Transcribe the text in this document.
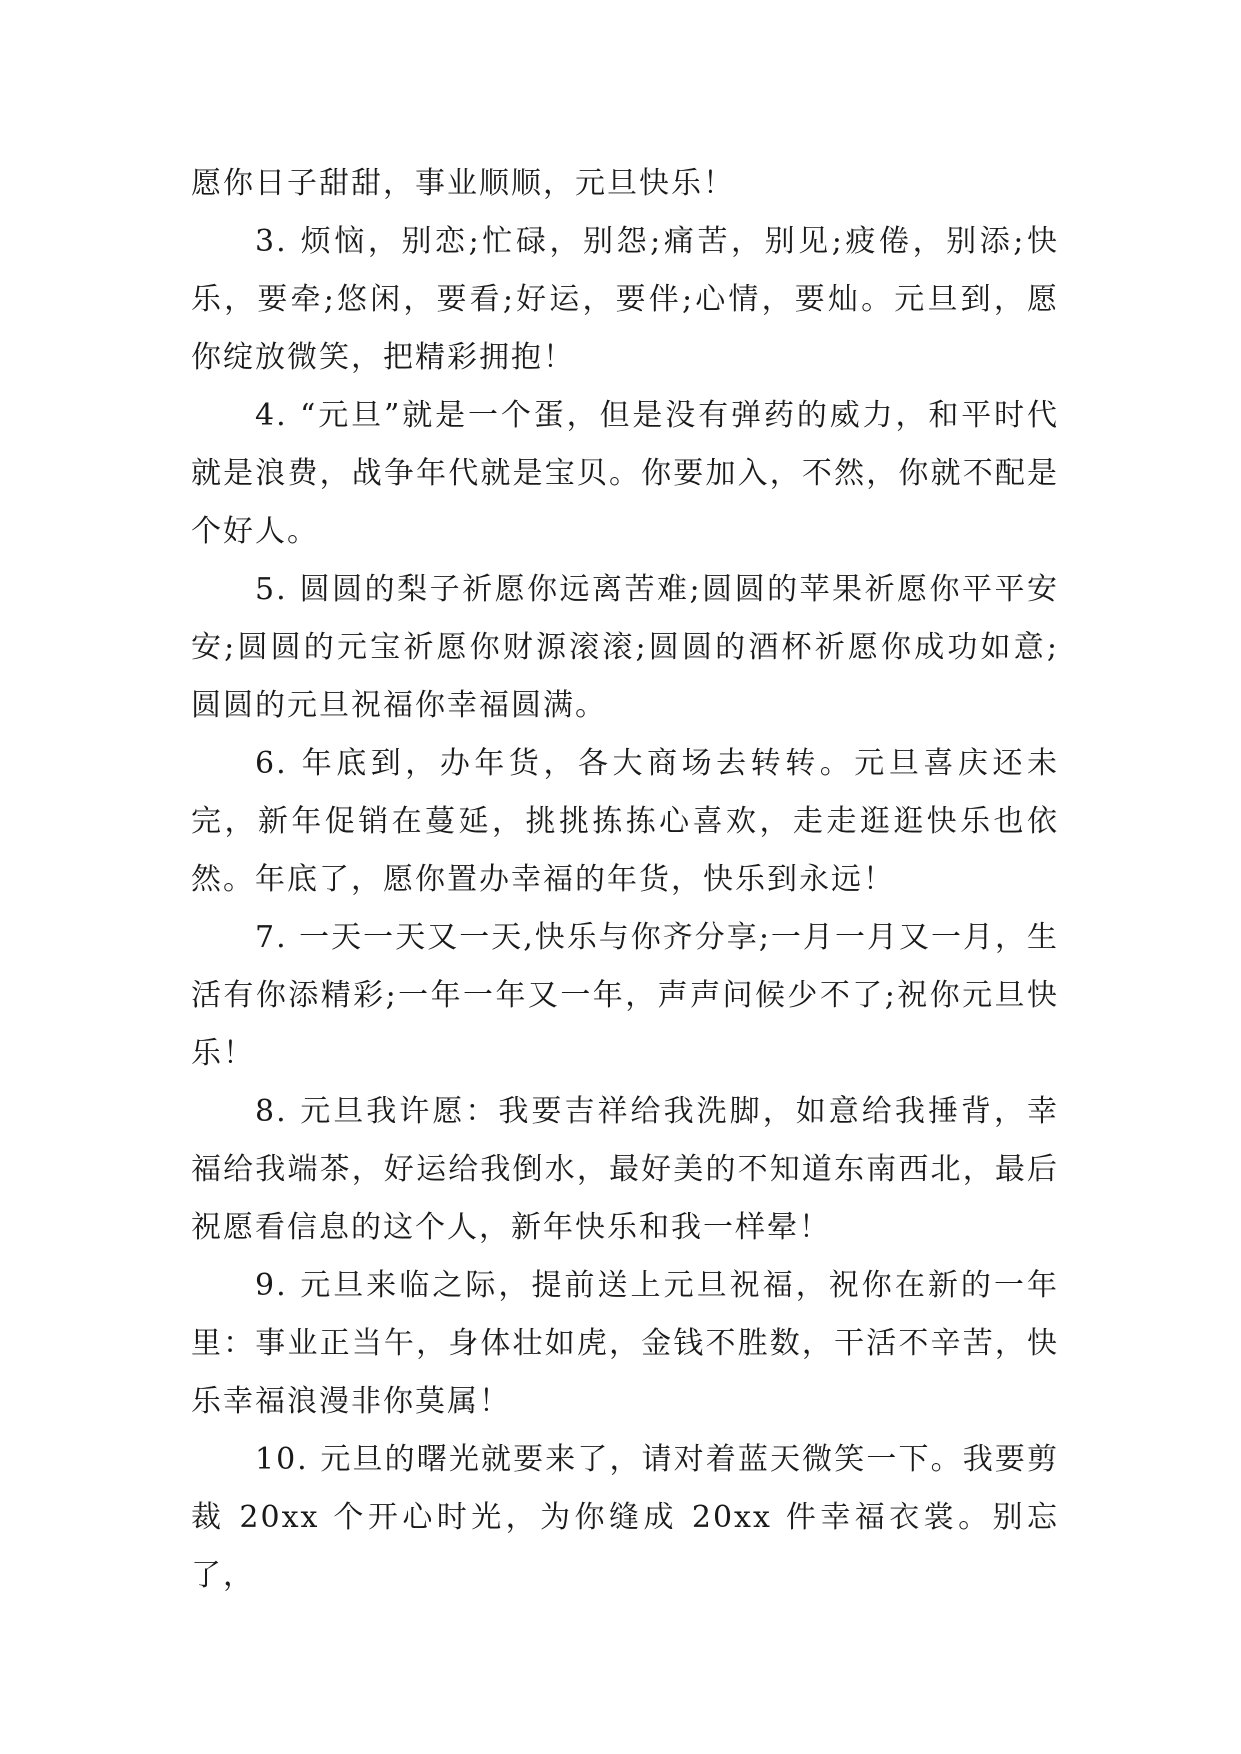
愿你日子甜甜，事业顺顺，元旦快乐！

3. 烦恼，别恋;忙碌，别怨;痛苦，别见;疲倦，别添;快乐，要牵;悠闲，要看;好运，要伴;心情，要灿。元旦到，愿你绽放微笑，把精彩拥抱！

4. “元旦”就是一个蛋，但是没有弹药的威力，和平时代就是浪费，战争年代就是宝贝。你要加入，不然，你就不配是个好人。

5. 圆圆的梨子祈愿你远离苦难;圆圆的苹果祈愿你平平安安;圆圆的元宝祈愿你财源滚滚;圆圆的酒杯祈愿你成功如意;圆圆的元旦祝福你幸福圆满。

6. 年底到，办年货，各大商场去转转。元旦喜庆还未完，新年促销在蔓延，挑挑拣拣心喜欢，走走逛逛快乐也依然。年底了，愿你置办幸福的年货，快乐到永远！

7. 一天一天又一天,快乐与你齐分享;一月一月又一月，生活有你添精彩;一年一年又一年，声声问候少不了;祝你元旦快乐！

8. 元旦我许愿：我要吉祥给我洗脚，如意给我捶背，幸福给我端茶，好运给我倒水，最好美的不知道东南西北，最后祝愿看信息的这个人，新年快乐和我一样晕！

9. 元旦来临之际，提前送上元旦祝福，祝你在新的一年里：事业正当午，身体壮如虎，金钱不胜数，干活不辛苦，快乐幸福浪漫非你莫属！

10. 元旦的曙光就要来了，请对着蓝天微笑一下。我要剪裁 20xx 个开心时光，为你缝成 20xx 件幸福衣裳。别忘了，
